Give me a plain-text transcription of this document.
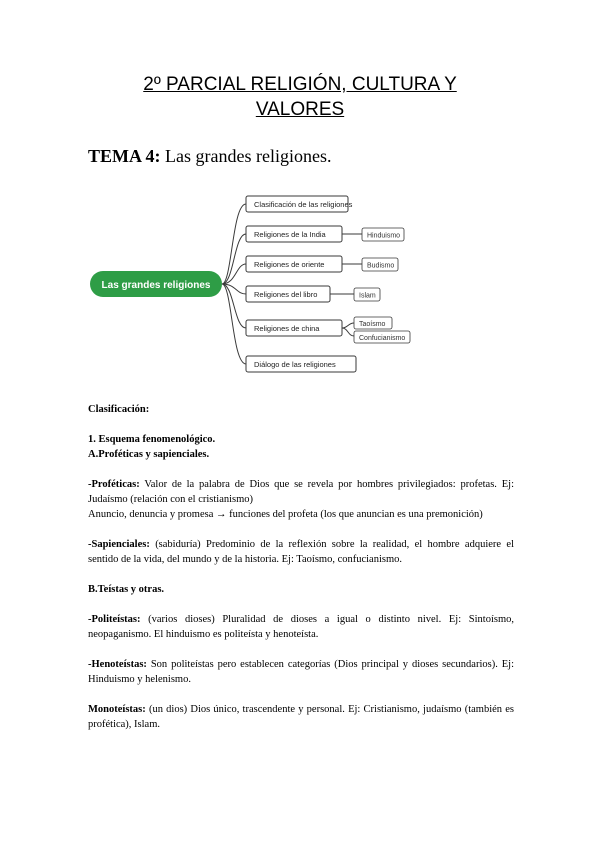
2º PARCIAL RELIGIÓN, CULTURA Y
VALORES
TEMA 4: Las grandes religiones.
Las grandes religiones
Clasificación de las religiones
Religiones de la India
Religiones de oriente
Religiones del libro
Religiones de china
Diálogo de las religiones
Hinduismo
Budismo
Islam
Taoísmo
Confucianismo

Clasificación:

1. Esquema fenomenológico.

A.Proféticas y sapienciales.

-Proféticas: Valor de la palabra de Dios que se revela por hombres privilegiados: profetas. Ej: Judaísmo (relación con el cristianismo)

Anuncio, denuncia y promesa → funciones del profeta (los que anuncian es una premonición)

-Sapienciales: (sabiduría) Predominio de la reflexión sobre la realidad, el hombre adquiere el sentido de la vida, del mundo y de la historia. Ej: Taoísmo, confucianismo.

B.Teístas y otras.

-Politeístas: (varios dioses) Pluralidad de dioses a igual o distinto nivel. Ej: Sintoísmo, neopaganismo. El hinduismo es politeísta y henoteísta.

-Henoteístas: Son politeístas pero establecen categorías (Dios principal y dioses secundarios). Ej: Hinduismo y helenismo.

Monoteístas: (un dios) Dios único, trascendente y personal. Ej: Cristianismo, judaísmo (también es profética), Islam.
